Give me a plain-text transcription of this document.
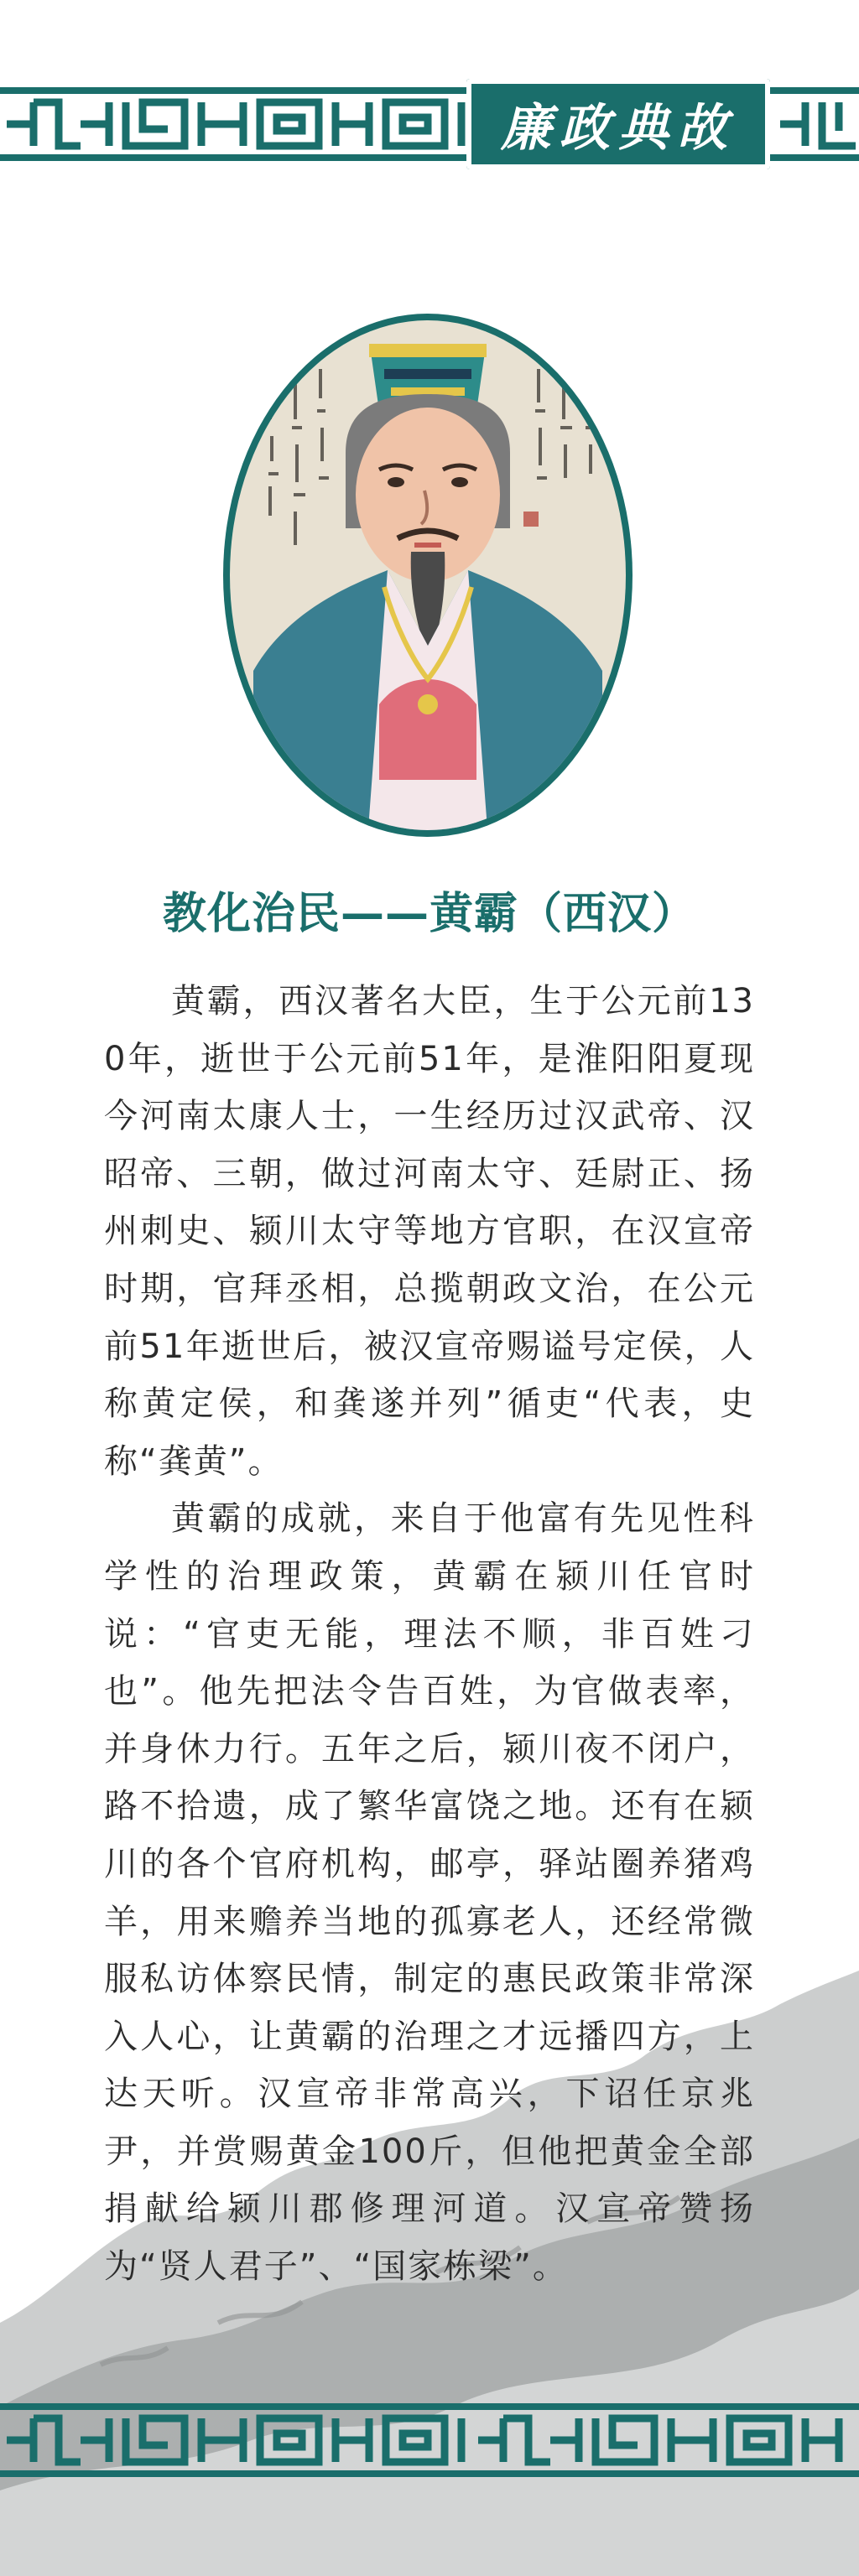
廉政典故
教化治民——黄霸（西汉）

黄霸，西汉著名大臣，生于公元前130年，逝世于公元前51年，是淮阳阳夏现今河南太康人士，一生经历过汉武帝、汉昭帝、三朝，做过河南太守、廷尉正、扬州刺史、颍川太守等地方官职，在汉宣帝时期，官拜丞相，总揽朝政文治，在公元前51年逝世后，被汉宣帝赐谥号定侯，人称黄定侯，和龚遂并列”循吏“代表，史称“龚黄”。

黄霸的成就，来自于他富有先见性科学性的治理政策，黄霸在颍川任官时说：“官吏无能，理法不顺，非百姓刁也”。他先把法令告百姓，为官做表率，并身休力行。五年之后，颍川夜不闭户，路不拾遗，成了繁华富饶之地。还有在颍川的各个官府机构，邮亭，驿站圈养猪鸡羊，用来赡养当地的孤寡老人，还经常微服私访体察民情，制定的惠民政策非常深入人心，让黄霸的治理之才远播四方，上达天听。汉宣帝非常高兴，下诏任京兆尹，并赏赐黄金100斤，但他把黄金全部捐献给颍川郡修理河道。汉宣帝赞扬为“贤人君子”、“国家栋梁”。
